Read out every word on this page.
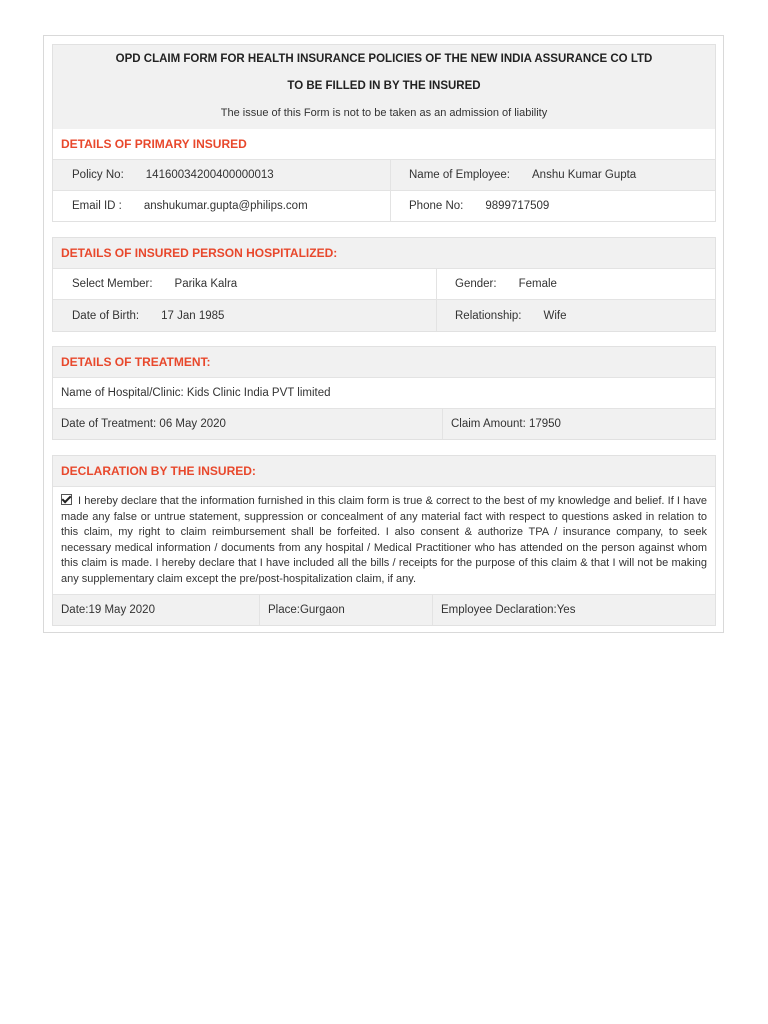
OPD CLAIM FORM FOR HEALTH INSURANCE POLICIES OF THE NEW INDIA ASSURANCE CO LTD
TO BE FILLED IN BY THE INSURED
The issue of this Form is not to be taken as an admission of liability
DETAILS OF PRIMARY INSURED
Policy No: 14160034200400000013	Name of Employee: Anshu Kumar Gupta
Email ID : anshukumar.gupta@philips.com	Phone No: 9899717509
DETAILS OF INSURED PERSON HOSPITALIZED:
Select Member: Parika Kalra	Gender: Female
Date of Birth: 17 Jan 1985	Relationship: Wife
DETAILS OF TREATMENT:
Name of Hospital/Clinic: Kids Clinic India PVT limited
Date of Treatment: 06 May 2020	Claim Amount: 17950
DECLARATION BY THE INSURED:
I hereby declare that the information furnished in this claim form is true & correct to the best of my knowledge and belief. If I have made any false or untrue statement, suppression or concealment of any material fact with respect to questions asked in relation to this claim, my right to claim reimbursement shall be forfeited. I also consent & authorize TPA / insurance company, to seek necessary medical information / documents from any hospital / Medical Practitioner who has attended on the person against whom this claim is made. I hereby declare that I have included all the bills / receipts for the purpose of this claim & that I will not be making any supplementary claim except the pre/post-hospitalization claim, if any.
Date:19 May 2020	Place:Gurgaon	Employee Declaration:Yes
